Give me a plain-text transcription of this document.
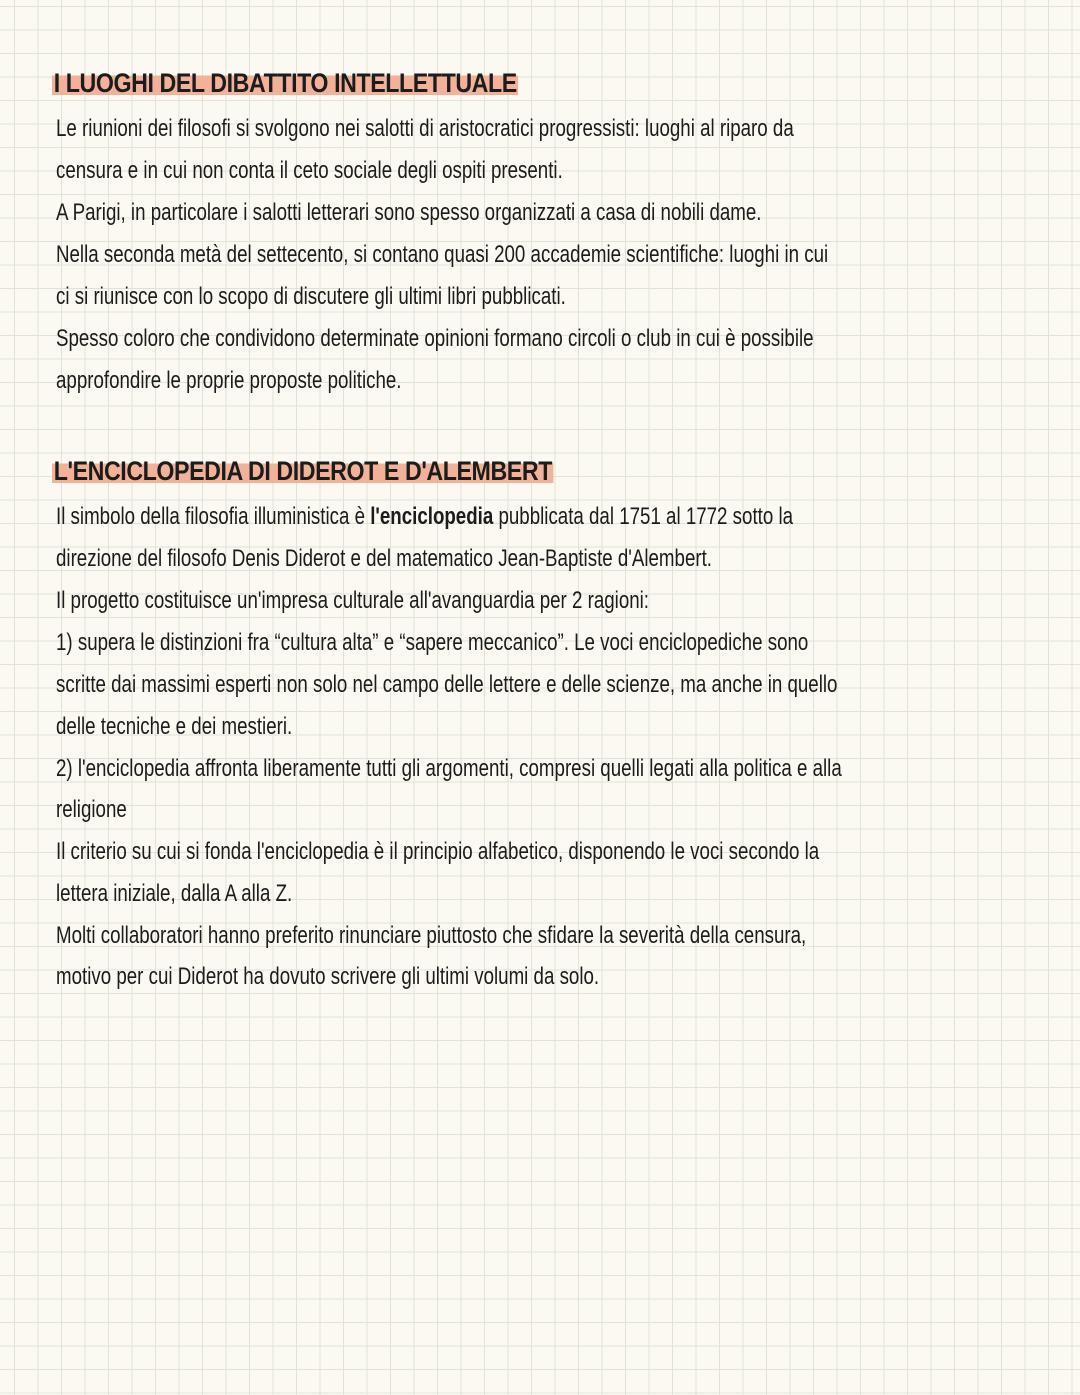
I LUOGHI DEL DIBATTITO INTELLETTUALE
Le riunioni dei filosofi si svolgono nei salotti di aristocratici progressisti: luoghi al riparo da
censura e in cui non conta il ceto sociale degli ospiti presenti.
A Parigi, in particolare i salotti letterari sono spesso organizzati a casa di nobili dame.
Nella seconda metà del settecento, si contano quasi 200 accademie scientifiche: luoghi in cui
ci si riunisce con lo scopo di discutere gli ultimi libri pubblicati.
Spesso coloro che condividono determinate opinioni formano circoli o club in cui è possibile
approfondire le proprie proposte politiche.
L'ENCICLOPEDIA DI DIDEROT E D'ALEMBERT
Il simbolo della filosofia illuministica è l'enciclopedia pubblicata dal 1751 al 1772 sotto la
direzione del filosofo Denis Diderot e del matematico Jean-Baptiste d'Alembert.
Il progetto costituisce un'impresa culturale all'avanguardia per 2 ragioni:
1) supera le distinzioni fra “cultura alta” e “sapere meccanico”. Le voci enciclopediche sono
scritte dai massimi esperti non solo nel campo delle lettere e delle scienze, ma anche in quello
delle tecniche e dei mestieri.
2) l'enciclopedia affronta liberamente tutti gli argomenti, compresi quelli legati alla politica e alla
religione
Il criterio su cui si fonda l'enciclopedia è il principio alfabetico, disponendo le voci secondo la
lettera iniziale, dalla A alla Z.
Molti collaboratori hanno preferito rinunciare piuttosto che sfidare la severità della censura,
motivo per cui Diderot ha dovuto scrivere gli ultimi volumi da solo.
